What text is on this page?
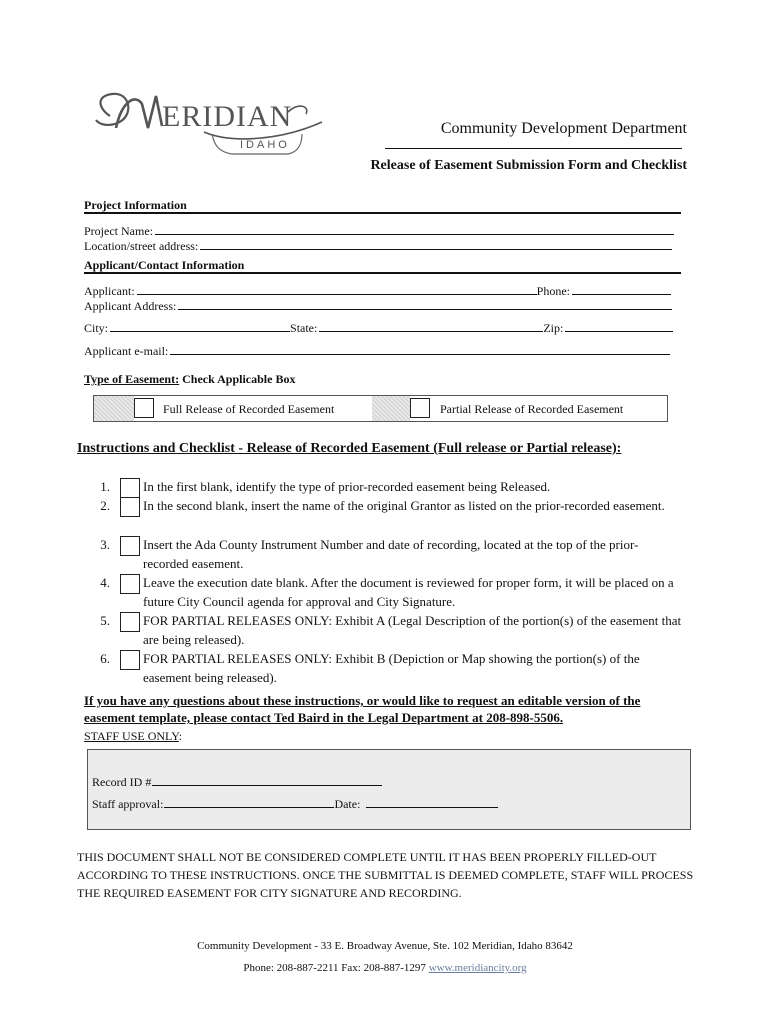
ERIDIAN
IDAHO
Community Development Department
Release of Easement Submission Form and Checklist
Project Information
Project Name:
Location/street address:
Applicant/Contact Information
Applicant:	Phone:
Applicant Address:
City:	State:	Zip:
Applicant e-mail:
Type of Easement: Check Applicable Box
Full Release of Recorded Easement	Partial Release of Recorded Easement
Instructions and Checklist - Release of Recorded Easement (Full release or Partial release):
1.	In the first blank, identify the type of prior-recorded easement being Released.
2.	In the second blank, insert the name of the original Grantor as listed on the prior-recorded easement.
3.	Insert the Ada County Instrument Number and date of recording, located at the top of the prior-recorded easement.
4.	Leave the execution date blank. After the document is reviewed for proper form, it will be placed on a future City Council agenda for approval and City Signature.
5.	FOR PARTIAL RELEASES ONLY: Exhibit A (Legal Description of the portion(s) of the easement that are being released).
6.	FOR PARTIAL RELEASES ONLY: Exhibit B (Depiction or Map showing the portion(s) of the easement being released).
If you have any questions about these instructions, or would like to request an editable version of the easement template, please contact Ted Baird in the Legal Department at 208-898-5506.
STAFF USE ONLY:
Record ID #
Staff approval:	Date:
THIS DOCUMENT SHALL NOT BE CONSIDERED COMPLETE UNTIL IT HAS BEEN PROPERLY FILLED-OUT ACCORDING TO THESE INSTRUCTIONS. ONCE THE SUBMITTAL IS DEEMED COMPLETE, STAFF WILL PROCESS THE REQUIRED EASEMENT FOR CITY SIGNATURE AND RECORDING.
Community Development - 33 E. Broadway Avenue, Ste. 102 Meridian, Idaho 83642
Phone: 208-887-2211 Fax: 208-887-1297 www.meridiancity.org
